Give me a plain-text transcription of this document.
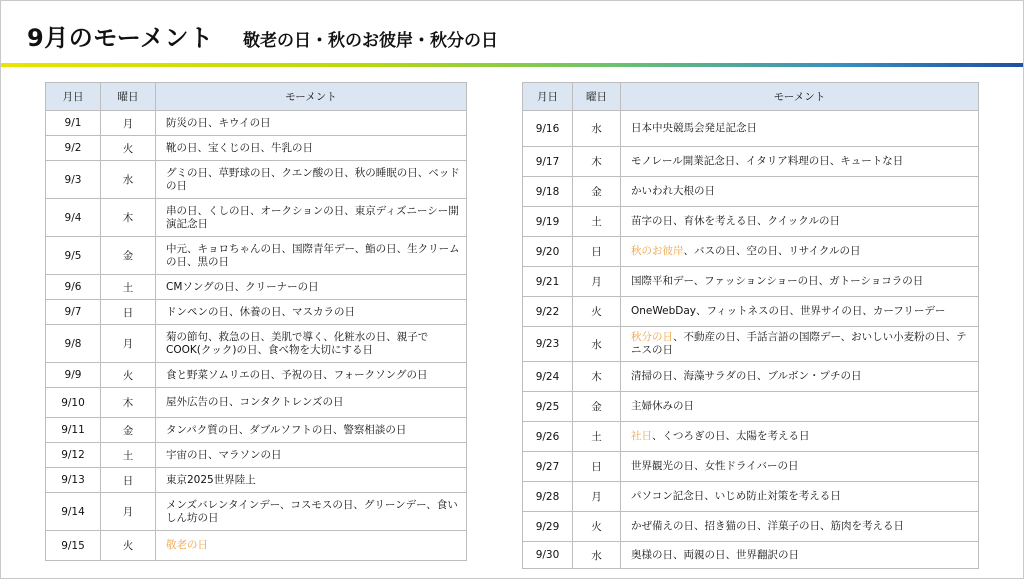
9月のモーメント 敬老の日・秋のお彼岸・秋分の日
月日	曜日	モーメント
9/1	月	防災の日、キウイの日
9/2	火	靴の日、宝くじの日、牛乳の日
9/3	水	グミの日、草野球の日、クエン酸の日、秋の睡眠の日、ベッドの日
9/4	木	串の日、くしの日、オークションの日、東京ディズニーシー開演記念日
9/5	金	中元、キョロちゃんの日、国際青年デー、鮨の日、生クリームの日、黒の日
9/6	土	CMソングの日、クリーナーの日
9/7	日	ドンペンの日、休養の日、マスカラの日
9/8	月	菊の節句、救急の日、美肌で導く、化粧水の日、親子でCOOK(クック)の日、食べ物を大切にする日
9/9	火	食と野菜ソムリエの日、予祝の日、フォークソングの日
9/10	木	屋外広告の日、コンタクトレンズの日
9/11	金	タンパク質の日、ダブルソフトの日、警察相談の日
9/12	土	宇宙の日、マラソンの日
9/13	日	東京2025世界陸上
9/14	月	メンズバレンタインデー、コスモスの日、グリーンデー、食いしん坊の日
9/15	火	敬老の日
月日	曜日	モーメント
9/16	水	日本中央競馬会発足記念日
9/17	木	モノレール開業記念日、イタリア料理の日、キュートな日
9/18	金	かいわれ大根の日
9/19	土	苗字の日、育休を考える日、クイックルの日
9/20	日	秋のお彼岸、バスの日、空の日、リサイクルの日
9/21	月	国際平和デー、ファッションショーの日、ガトーショコラの日
9/22	火	OneWebDay、フィットネスの日、世界サイの日、カーフリーデー
9/23	水	秋分の日、不動産の日、手話言語の国際デー、おいしい小麦粉の日、テニスの日
9/24	木	清掃の日、海藻サラダの日、ブルボン・プチの日
9/25	金	主婦休みの日
9/26	土	社日、くつろぎの日、太陽を考える日
9/27	日	世界観光の日、女性ドライバーの日
9/28	月	パソコン記念日、いじめ防止対策を考える日
9/29	火	かぜ備えの日、招き猫の日、洋菓子の日、筋肉を考える日
9/30	水	奥様の日、両親の日、世界翻訳の日
